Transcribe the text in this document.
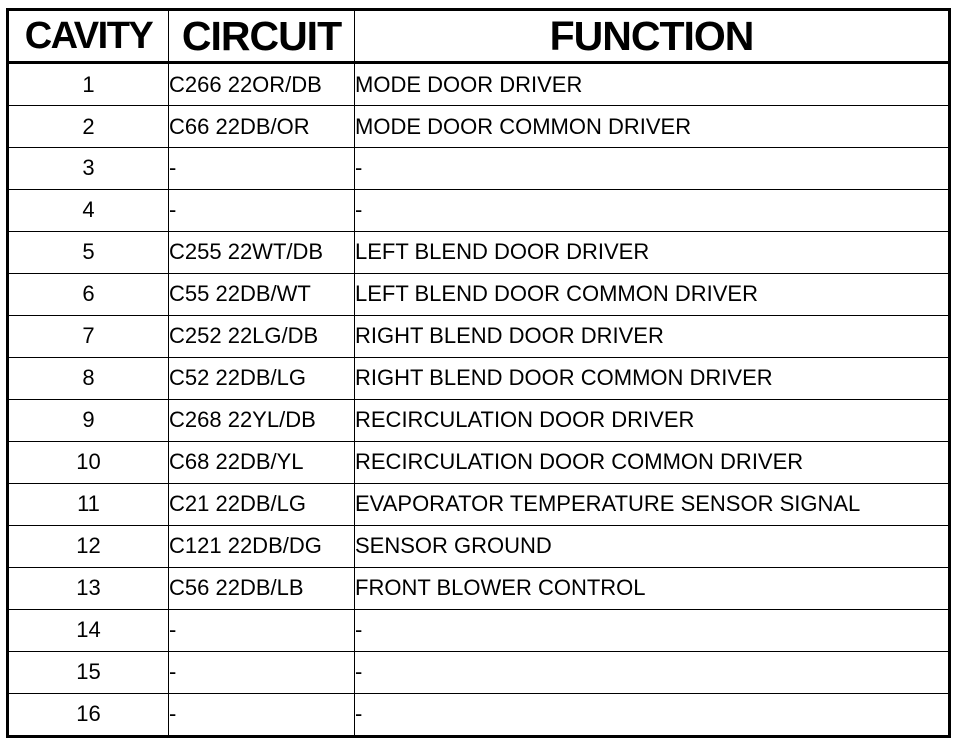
CAVITY	CIRCUIT	FUNCTION
1	C266 22OR/DB	MODE DOOR DRIVER
2	C66 22DB/OR	MODE DOOR COMMON DRIVER
3	-	-
4	-	-
5	C255 22WT/DB	LEFT BLEND DOOR DRIVER
6	C55 22DB/WT	LEFT BLEND DOOR COMMON DRIVER
7	C252 22LG/DB	RIGHT BLEND DOOR DRIVER
8	C52 22DB/LG	RIGHT BLEND DOOR COMMON DRIVER
9	C268 22YL/DB	RECIRCULATION DOOR DRIVER
10	C68 22DB/YL	RECIRCULATION DOOR COMMON DRIVER
11	C21 22DB/LG	EVAPORATOR TEMPERATURE SENSOR SIGNAL
12	C121 22DB/DG	SENSOR GROUND
13	C56 22DB/LB	FRONT BLOWER CONTROL
14	-	-
15	-	-
16	-	-
